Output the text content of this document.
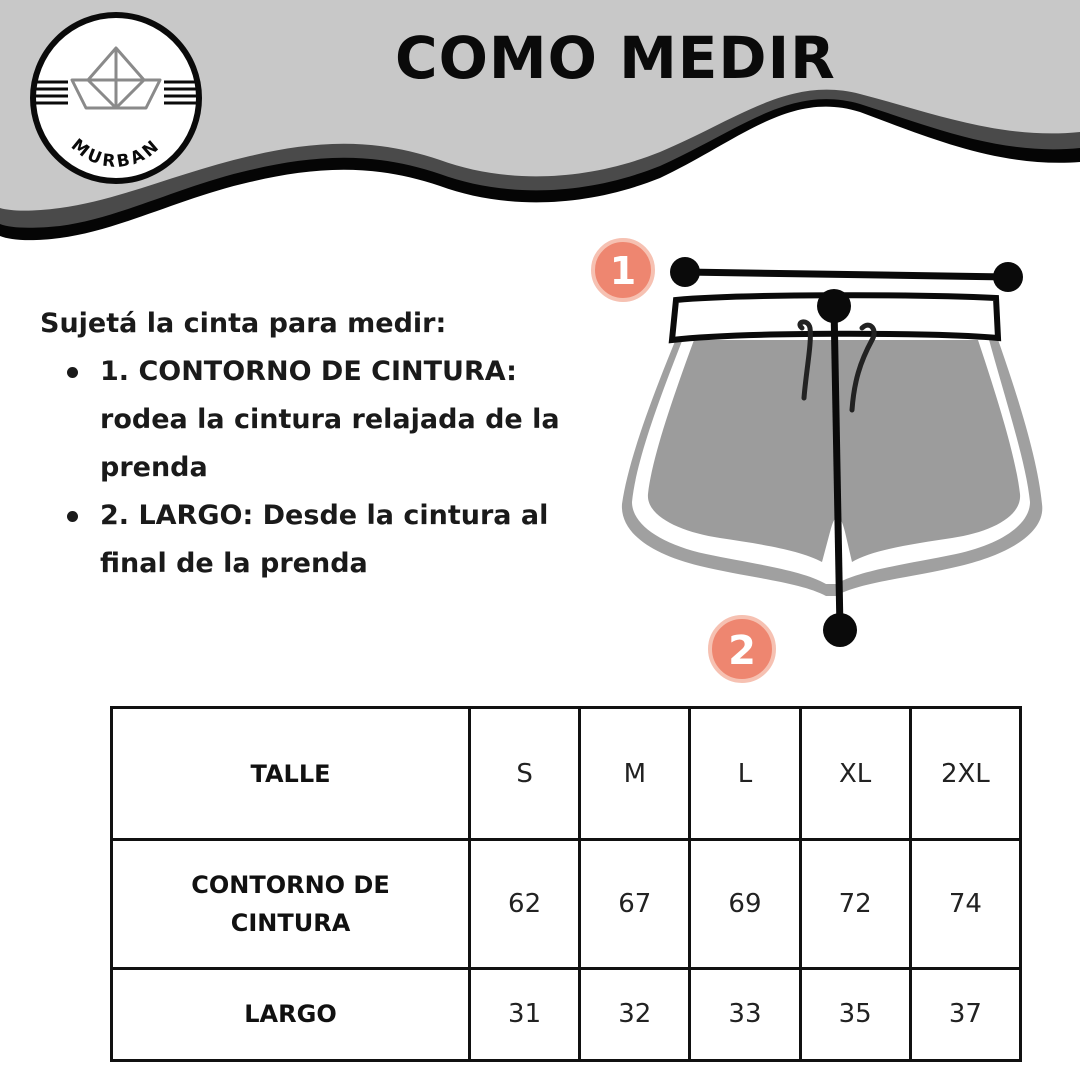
COMO MEDIR
MURBAN

Sujetá la cinta para medir:

1. CONTORNO DE CINTURA: rodea la cintura relajada de la prenda
2. LARGO: Desde la cintura al final de la prenda
1
2
TALLE	S	M	L	XL	2XL
CONTORNO DE CINTURA	62	67	69	72	74
LARGO	31	32	33	35	37
